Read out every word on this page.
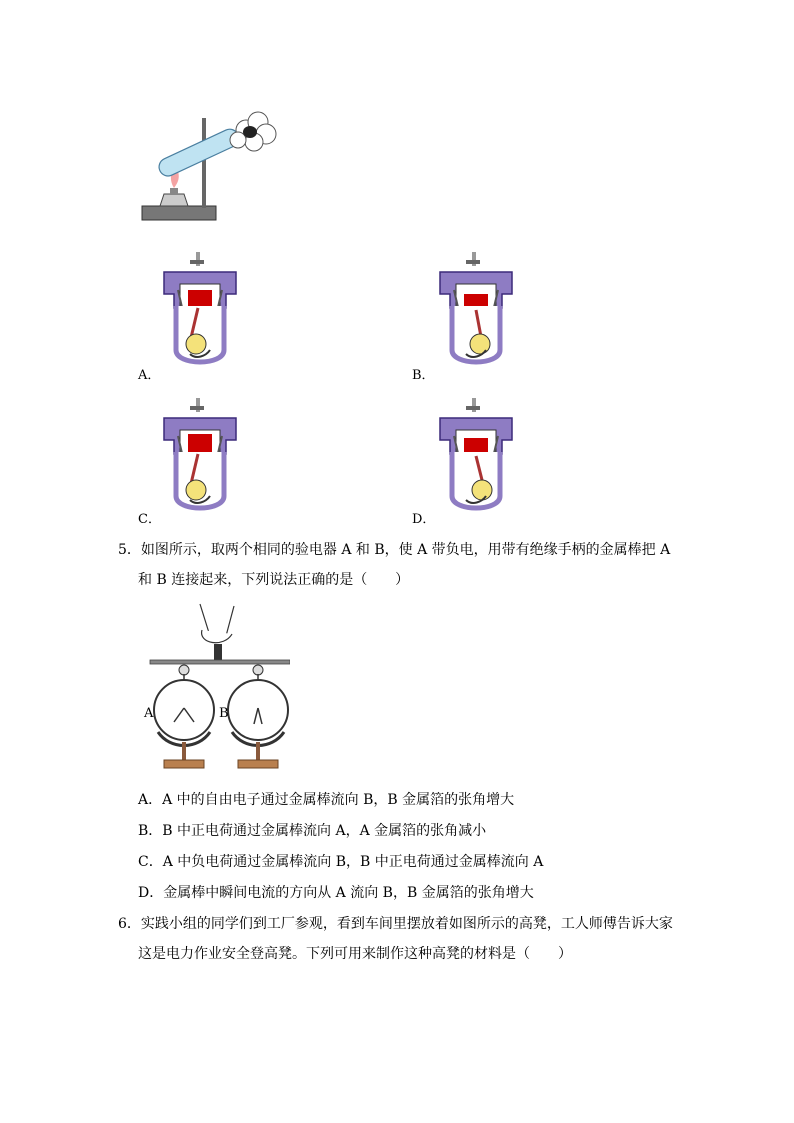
A．	B．
C．	D．
5．如图所示，取两个相同的验电器 A 和 B，使 A 带负电，用带有绝缘手柄的金属棒把 A
和 B 连接起来，下列说法正确的是（　　）
A	B
A．A 中的自由电子通过金属棒流向 B，B 金属箔的张角增大
B．B 中正电荷通过金属棒流向 A，A 金属箔的张角减小
C．A 中负电荷通过金属棒流向 B，B 中正电荷通过金属棒流向 A
D．金属棒中瞬间电流的方向从 A 流向 B，B 金属箔的张角增大
6．实践小组的同学们到工厂参观，看到车间里摆放着如图所示的高凳，工人师傅告诉大家
这是电力作业安全登高凳。下列可用来制作这种高凳的材料是（　　）
